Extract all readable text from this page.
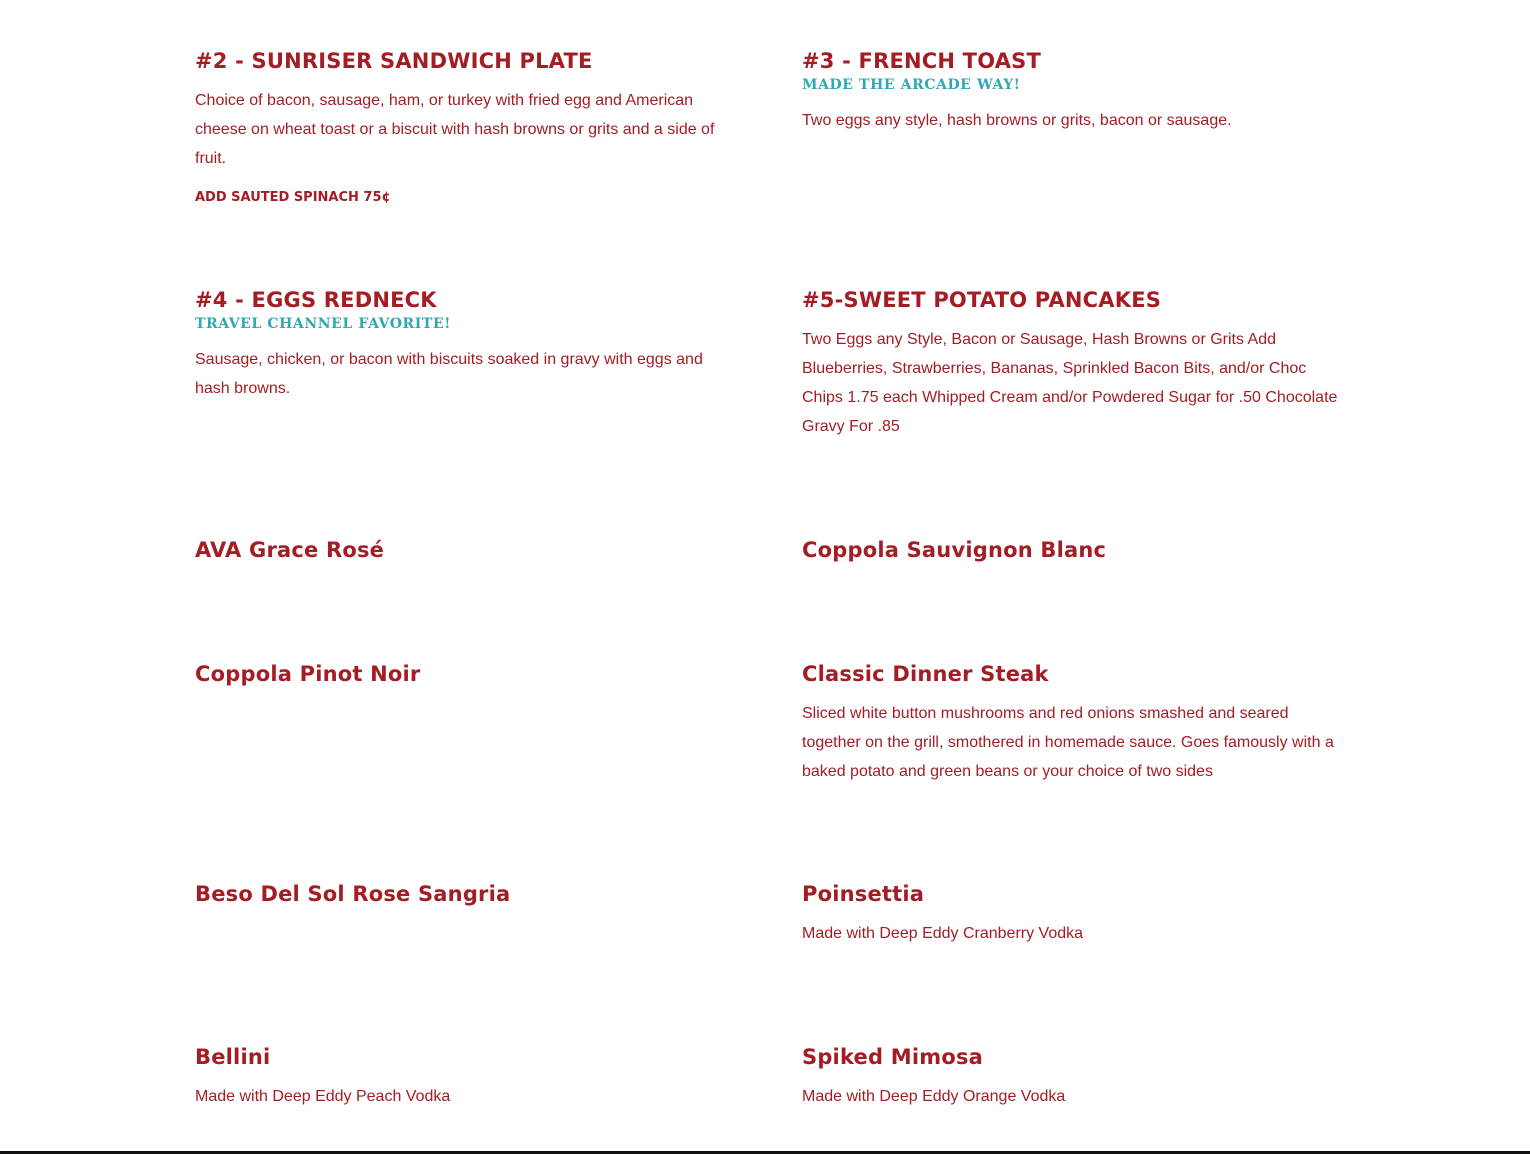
#2 - SUNRISER SANDWICH PLATE

Choice of bacon, sausage, ham, or turkey with fried egg and American cheese on wheat toast or a biscuit with hash browns or grits and a side of fruit.

ADD SAUTED SPINACH 75¢

#3 - FRENCH TOAST

MADE THE ARCADE WAY!

Two eggs any style, hash browns or grits, bacon or sausage.

#4 - EGGS REDNECK

TRAVEL CHANNEL FAVORITE!

Sausage, chicken, or bacon with biscuits soaked in gravy with eggs and hash browns.

#5-SWEET POTATO PANCAKES

Two Eggs any Style, Bacon or Sausage, Hash Browns or Grits Add Blueberries, Strawberries, Bananas, Sprinkled Bacon Bits, and/or Choc Chips 1.75 each Whipped Cream and/or Powdered Sugar for .50 Chocolate Gravy For .85

AVA Grace Rosé	Coppola Sauvignon Blanc
Coppola Pinot Noir	Classic Dinner Steak

Sliced white button mushrooms and red onions smashed and seared together on the grill, smothered in homemade sauce. Goes famously with a baked potato and green beans or your choice of two sides

Beso Del Sol Rose Sangria	Poinsettia

Made with Deep Eddy Cranberry Vodka

Bellini

Made with Deep Eddy Peach Vodka

Spiked Mimosa

Made with Deep Eddy Orange Vodka
